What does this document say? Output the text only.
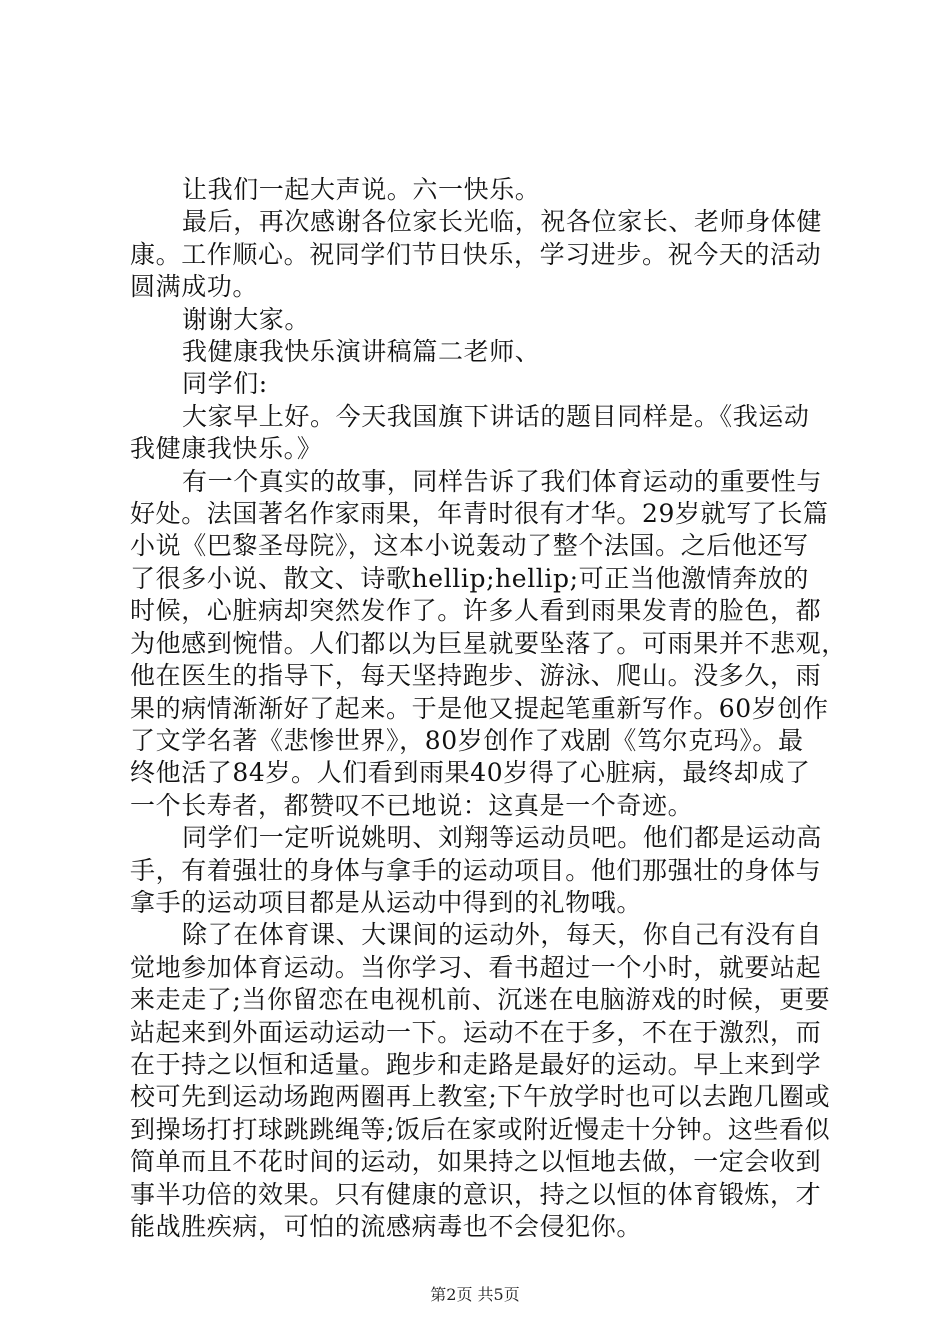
让我们一起大声说。六一快乐。
最后，再次感谢各位家长光临，祝各位家长、老师身体健
康。工作顺心。祝同学们节日快乐，学习进步。祝今天的活动
圆满成功。
谢谢大家。
我健康我快乐演讲稿篇二老师、
同学们:
大家早上好。今天我国旗下讲话的题目同样是。《我运动
我健康我快乐。》
有一个真实的故事，同样告诉了我们体育运动的重要性与
好处。法国著名作家雨果，年青时很有才华。29岁就写了长篇
小说《巴黎圣母院》，这本小说轰动了整个法国。之后他还写
了很多小说、散文、诗歌hellip;hellip;可正当他激情奔放的
时候，心脏病却突然发作了。许多人看到雨果发青的脸色，都
为他感到惋惜。人们都以为巨星就要坠落了。可雨果并不悲观，
他在医生的指导下，每天坚持跑步、游泳、爬山。没多久，雨
果的病情渐渐好了起来。于是他又提起笔重新写作。60岁创作
了文学名著《悲惨世界》，80岁创作了戏剧《笃尔克玛》。最
终他活了84岁。人们看到雨果40岁得了心脏病，最终却成了
一个长寿者，都赞叹不已地说：这真是一个奇迹。
同学们一定听说姚明、刘翔等运动员吧。他们都是运动高
手，有着强壮的身体与拿手的运动项目。他们那强壮的身体与
拿手的运动项目都是从运动中得到的礼物哦。
除了在体育课、大课间的运动外，每天，你自己有没有自
觉地参加体育运动。当你学习、看书超过一个小时，就要站起
来走走了;当你留恋在电视机前、沉迷在电脑游戏的时候，更要
站起来到外面运动运动一下。运动不在于多，不在于激烈，而
在于持之以恒和适量。跑步和走路是最好的运动。早上来到学
校可先到运动场跑两圈再上教室;下午放学时也可以去跑几圈或
到操场打打球跳跳绳等;饭后在家或附近慢走十分钟。这些看似
简单而且不花时间的运动，如果持之以恒地去做，一定会收到
事半功倍的效果。只有健康的意识，持之以恒的体育锻炼，才
能战胜疾病，可怕的流感病毒也不会侵犯你。
第2页 共5页
